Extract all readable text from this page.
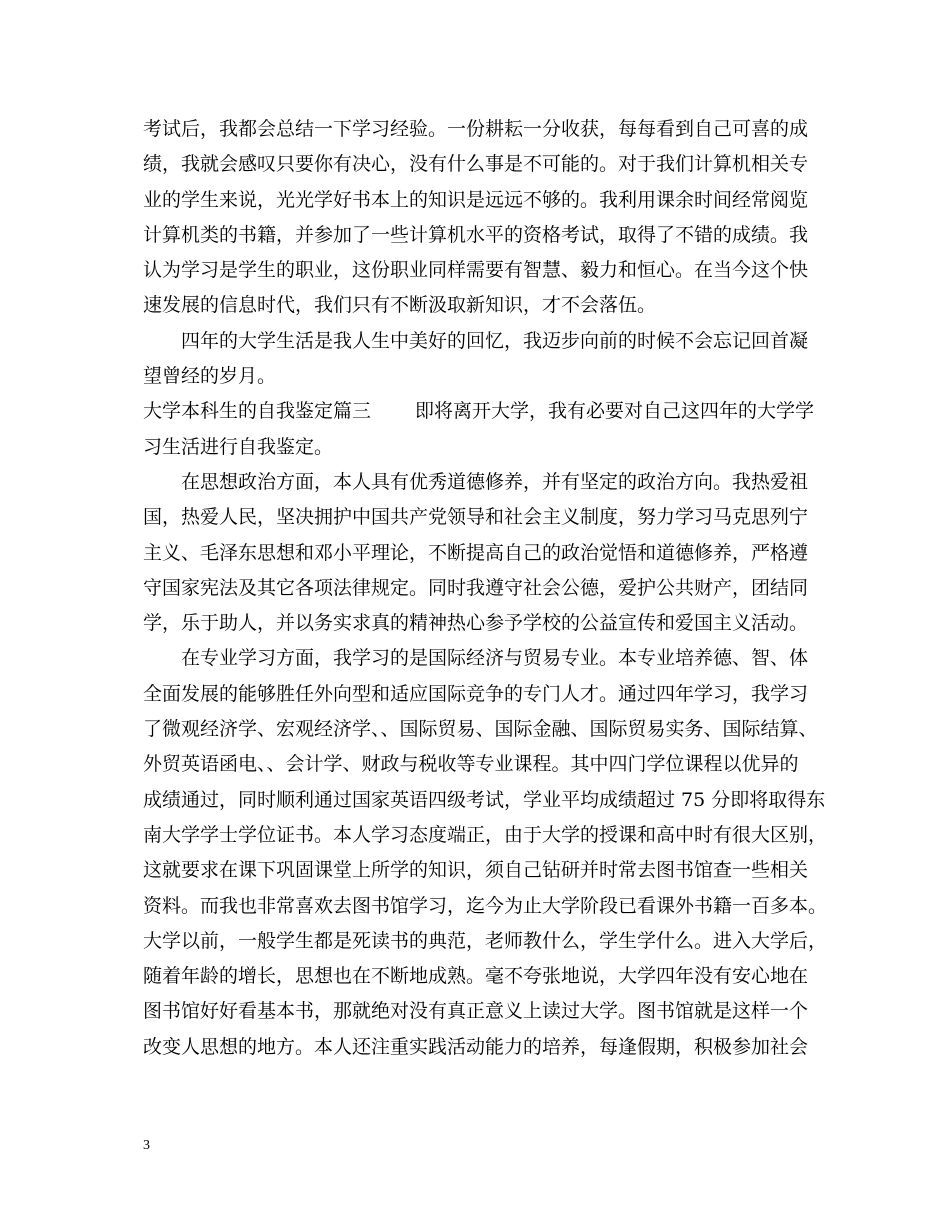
考试后，我都会总结一下学习经验。一份耕耘一分收获，每每看到自己可喜的成
绩，我就会感叹只要你有决心，没有什么事是不可能的。对于我们计算机相关专
业的学生来说，光光学好书本上的知识是远远不够的。我利用课余时间经常阅览
计算机类的书籍，并参加了一些计算机水平的资格考试，取得了不错的成绩。我
认为学习是学生的职业，这份职业同样需要有智慧、毅力和恒心。在当今这个快
速发展的信息时代，我们只有不断汲取新知识，才不会落伍。
四年的大学生活是我人生中美好的回忆，我迈步向前的时候不会忘记回首凝
望曾经的岁月。
大学本科生的自我鉴定篇三 即将离开大学，我有必要对自己这四年的大学学
习生活进行自我鉴定。
在思想政治方面，本人具有优秀道德修养，并有坚定的政治方向。我热爱祖
国，热爱人民，坚决拥护中国共产党领导和社会主义制度，努力学习马克思列宁
主义、毛泽东思想和邓小平理论，不断提高自己的政治觉悟和道德修养，严格遵
守国家宪法及其它各项法律规定。同时我遵守社会公德，爱护公共财产，团结同
学，乐于助人，并以务实求真的精神热心参予学校的公益宣传和爱国主义活动。
在专业学习方面，我学习的是国际经济与贸易专业。本专业培养德、智、体
全面发展的能够胜任外向型和适应国际竞争的专门人才。通过四年学习，我学习
了微观经济学、宏观经济学、、国际贸易、国际金融、国际贸易实务、国际结算、
外贸英语函电、、会计学、财政与税收等专业课程。其中四门学位课程以优异的
成绩通过，同时顺利通过国家英语四级考试，学业平均成绩超过 75 分即将取得东
南大学学士学位证书。本人学习态度端正，由于大学的授课和高中时有很大区别，
这就要求在课下巩固课堂上所学的知识，须自己钻研并时常去图书馆查一些相关
资料。而我也非常喜欢去图书馆学习，迄今为止大学阶段已看课外书籍一百多本。
大学以前，一般学生都是死读书的典范，老师教什么，学生学什么。进入大学后，
随着年龄的增长，思想也在不断地成熟。毫不夸张地说，大学四年没有安心地在
图书馆好好看基本书，那就绝对没有真正意义上读过大学。图书馆就是这样一个
改变人思想的地方。本人还注重实践活动能力的培养，每逢假期，积极参加社会
3
